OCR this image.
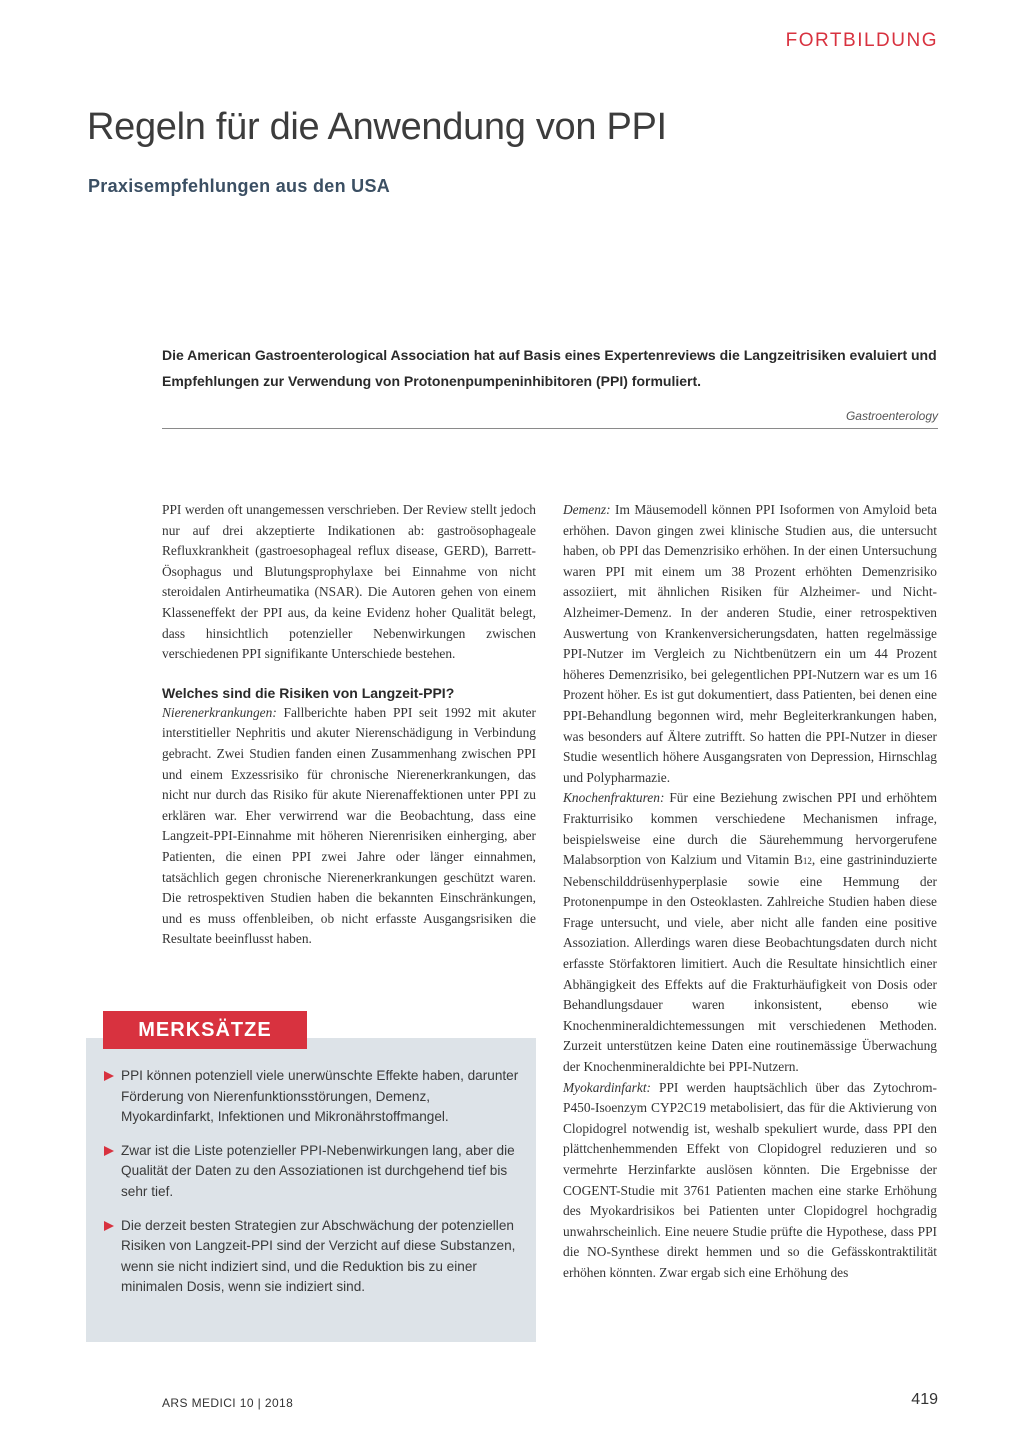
FORTBILDUNG
Regeln für die Anwendung von PPI
Praxisempfehlungen aus den USA
Die American Gastroenterological Association hat auf Basis eines Expertenreviews die Langzeitrisiken evaluiert und Empfehlungen zur Verwendung von Protonenpumpeninhibitoren (PPI) formuliert.
Gastroenterology

PPI werden oft unangemessen verschrieben. Der Review stellt jedoch nur auf drei akzeptierte Indikationen ab: gastroösophageale Refluxkrankheit (gastroesophageal reflux disease, GERD), Barrett-Ösophagus und Blutungsprophylaxe bei Einnahme von nicht steroidalen Antirheumatika (NSAR). Die Autoren gehen von einem Klasseneffekt der PPI aus, da keine Evidenz hoher Qualität belegt, dass hinsichtlich potenzieller Nebenwirkungen zwischen verschiedenen PPI signifikante Unterschiede bestehen.

Welches sind die Risiken von Langzeit-PPI?

Nierenerkrankungen: Fallberichte haben PPI seit 1992 mit akuter interstitieller Nephritis und akuter Nierenschädigung in Verbindung gebracht. Zwei Studien fanden einen Zusammenhang zwischen PPI und einem Exzessrisiko für chronische Nierenerkrankungen, das nicht nur durch das Risiko für akute Nierenaffektionen unter PPI zu erklären war. Eher verwirrend war die Beobachtung, dass eine Langzeit-PPI-Einnahme mit höheren Nierenrisiken einherging, aber Patienten, die einen PPI zwei Jahre oder länger einnahmen, tatsächlich gegen chronische Nierenerkrankungen geschützt waren. Die retrospektiven Studien haben die bekannten Einschränkungen, und es muss offenbleiben, ob nicht erfasste Ausgangsrisiken die Resultate beeinflusst haben.

Demenz: Im Mäusemodell können PPI Isoformen von Amyloid beta erhöhen. Davon gingen zwei klinische Studien aus, die untersucht haben, ob PPI das Demenzrisiko erhöhen. In der einen Untersuchung waren PPI mit einem um 38 Prozent erhöhten Demenzrisiko assoziiert, mit ähnlichen Risiken für Alzheimer- und Nicht-Alzheimer-Demenz. In der anderen Studie, einer retrospektiven Auswertung von Krankenversicherungsdaten, hatten regelmässige PPI-Nutzer im Vergleich zu Nichtbenützern ein um 44 Prozent höheres Demenzrisiko, bei gelegentlichen PPI-Nutzern war es um 16 Prozent höher. Es ist gut dokumentiert, dass Patienten, bei denen eine PPI-Behandlung begonnen wird, mehr Begleiterkrankungen haben, was besonders auf Ältere zutrifft. So hatten die PPI-Nutzer in dieser Studie wesentlich höhere Ausgangsraten von Depression, Hirnschlag und Polypharmazie.

Knochenfrakturen: Für eine Beziehung zwischen PPI und erhöhtem Frakturrisiko kommen verschiedene Mechanismen infrage, beispielsweise eine durch die Säurehemmung hervorgerufene Malabsorption von Kalzium und Vitamin B12, eine gastrininduzierte Nebenschilddrüsenhyperplasie sowie eine Hemmung der Protonenpumpe in den Osteoklasten. Zahlreiche Studien haben diese Frage untersucht, und viele, aber nicht alle fanden eine positive Assoziation. Allerdings waren diese Beobachtungsdaten durch nicht erfasste Störfaktoren limitiert. Auch die Resultate hinsichtlich einer Abhängigkeit des Effekts auf die Frakturhäufigkeit von Dosis oder Behandlungsdauer waren inkonsistent, ebenso wie Knochenmineraldichtemessungen mit verschiedenen Methoden. Zurzeit unterstützen keine Daten eine routinemässige Überwachung der Knochenmineraldichte bei PPI-Nutzern.

Myokardinfarkt: PPI werden hauptsächlich über das Zytochrom-P450-Isoenzym CYP2C19 metabolisiert, das für die Aktivierung von Clopidogrel notwendig ist, weshalb spekuliert wurde, dass PPI den plättchenhemmenden Effekt von Clopidogrel reduzieren und so vermehrte Herzinfarkte auslösen könnten. Die Ergebnisse der COGENT-Studie mit 3761 Patienten machen eine starke Erhöhung des Myokardrisikos bei Patienten unter Clopidogrel hochgradig unwahrscheinlich. Eine neuere Studie prüfte die Hypothese, dass PPI die NO-Synthese direkt hemmen und so die Gefässkontraktilität erhöhen könnten. Zwar ergab sich eine Erhöhung des

MERKSÄTZE
PPI können potenziell viele unerwünschte Effekte haben, darunter Förderung von Nierenfunktionsstörungen, Demenz, Myokardinfarkt, Infektionen und Mikronährstoffmangel.
Zwar ist die Liste potenzieller PPI-Nebenwirkungen lang, aber die Qualität der Daten zu den Assoziationen ist durchgehend tief bis sehr tief.
Die derzeit besten Strategien zur Abschwächung der potenziellen Risiken von Langzeit-PPI sind der Verzicht auf diese Substanzen, wenn sie nicht indiziert sind, und die Reduktion bis zu einer minimalen Dosis, wenn sie indiziert sind.
ARS MEDICI 10 | 2018	419
